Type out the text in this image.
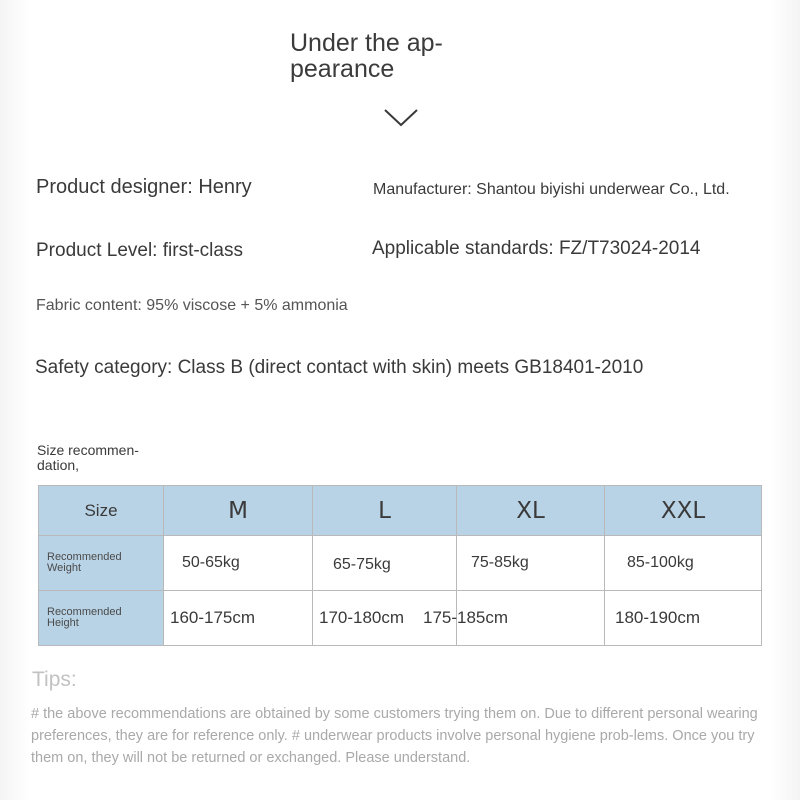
Under the ap-
pearance
Product designer: Henry	Manufacturer: Shantou biyishi underwear Co., Ltd.
Product Level: first-class	Applicable standards: FZ/T73024-2014
Fabric content: 95% viscose + 5% ammonia
Safety category: Class B (direct contact with skin) meets GB18401-2010
Size recommen-
dation,
Size	M	L	XL	XXL

Recommended
Weight	50-65kg	65-75kg	75-85kg	85-100kg

Recommended
Height	160-175cm	170-180cm	175-185cm	180-190cm
Tips:
# the above recommendations are obtained by some customers trying them on. Due to different personal wearing preferences, they are for reference only. # underwear products involve personal hygiene prob-lems. Once you try them on, they will not be returned or exchanged. Please understand.
